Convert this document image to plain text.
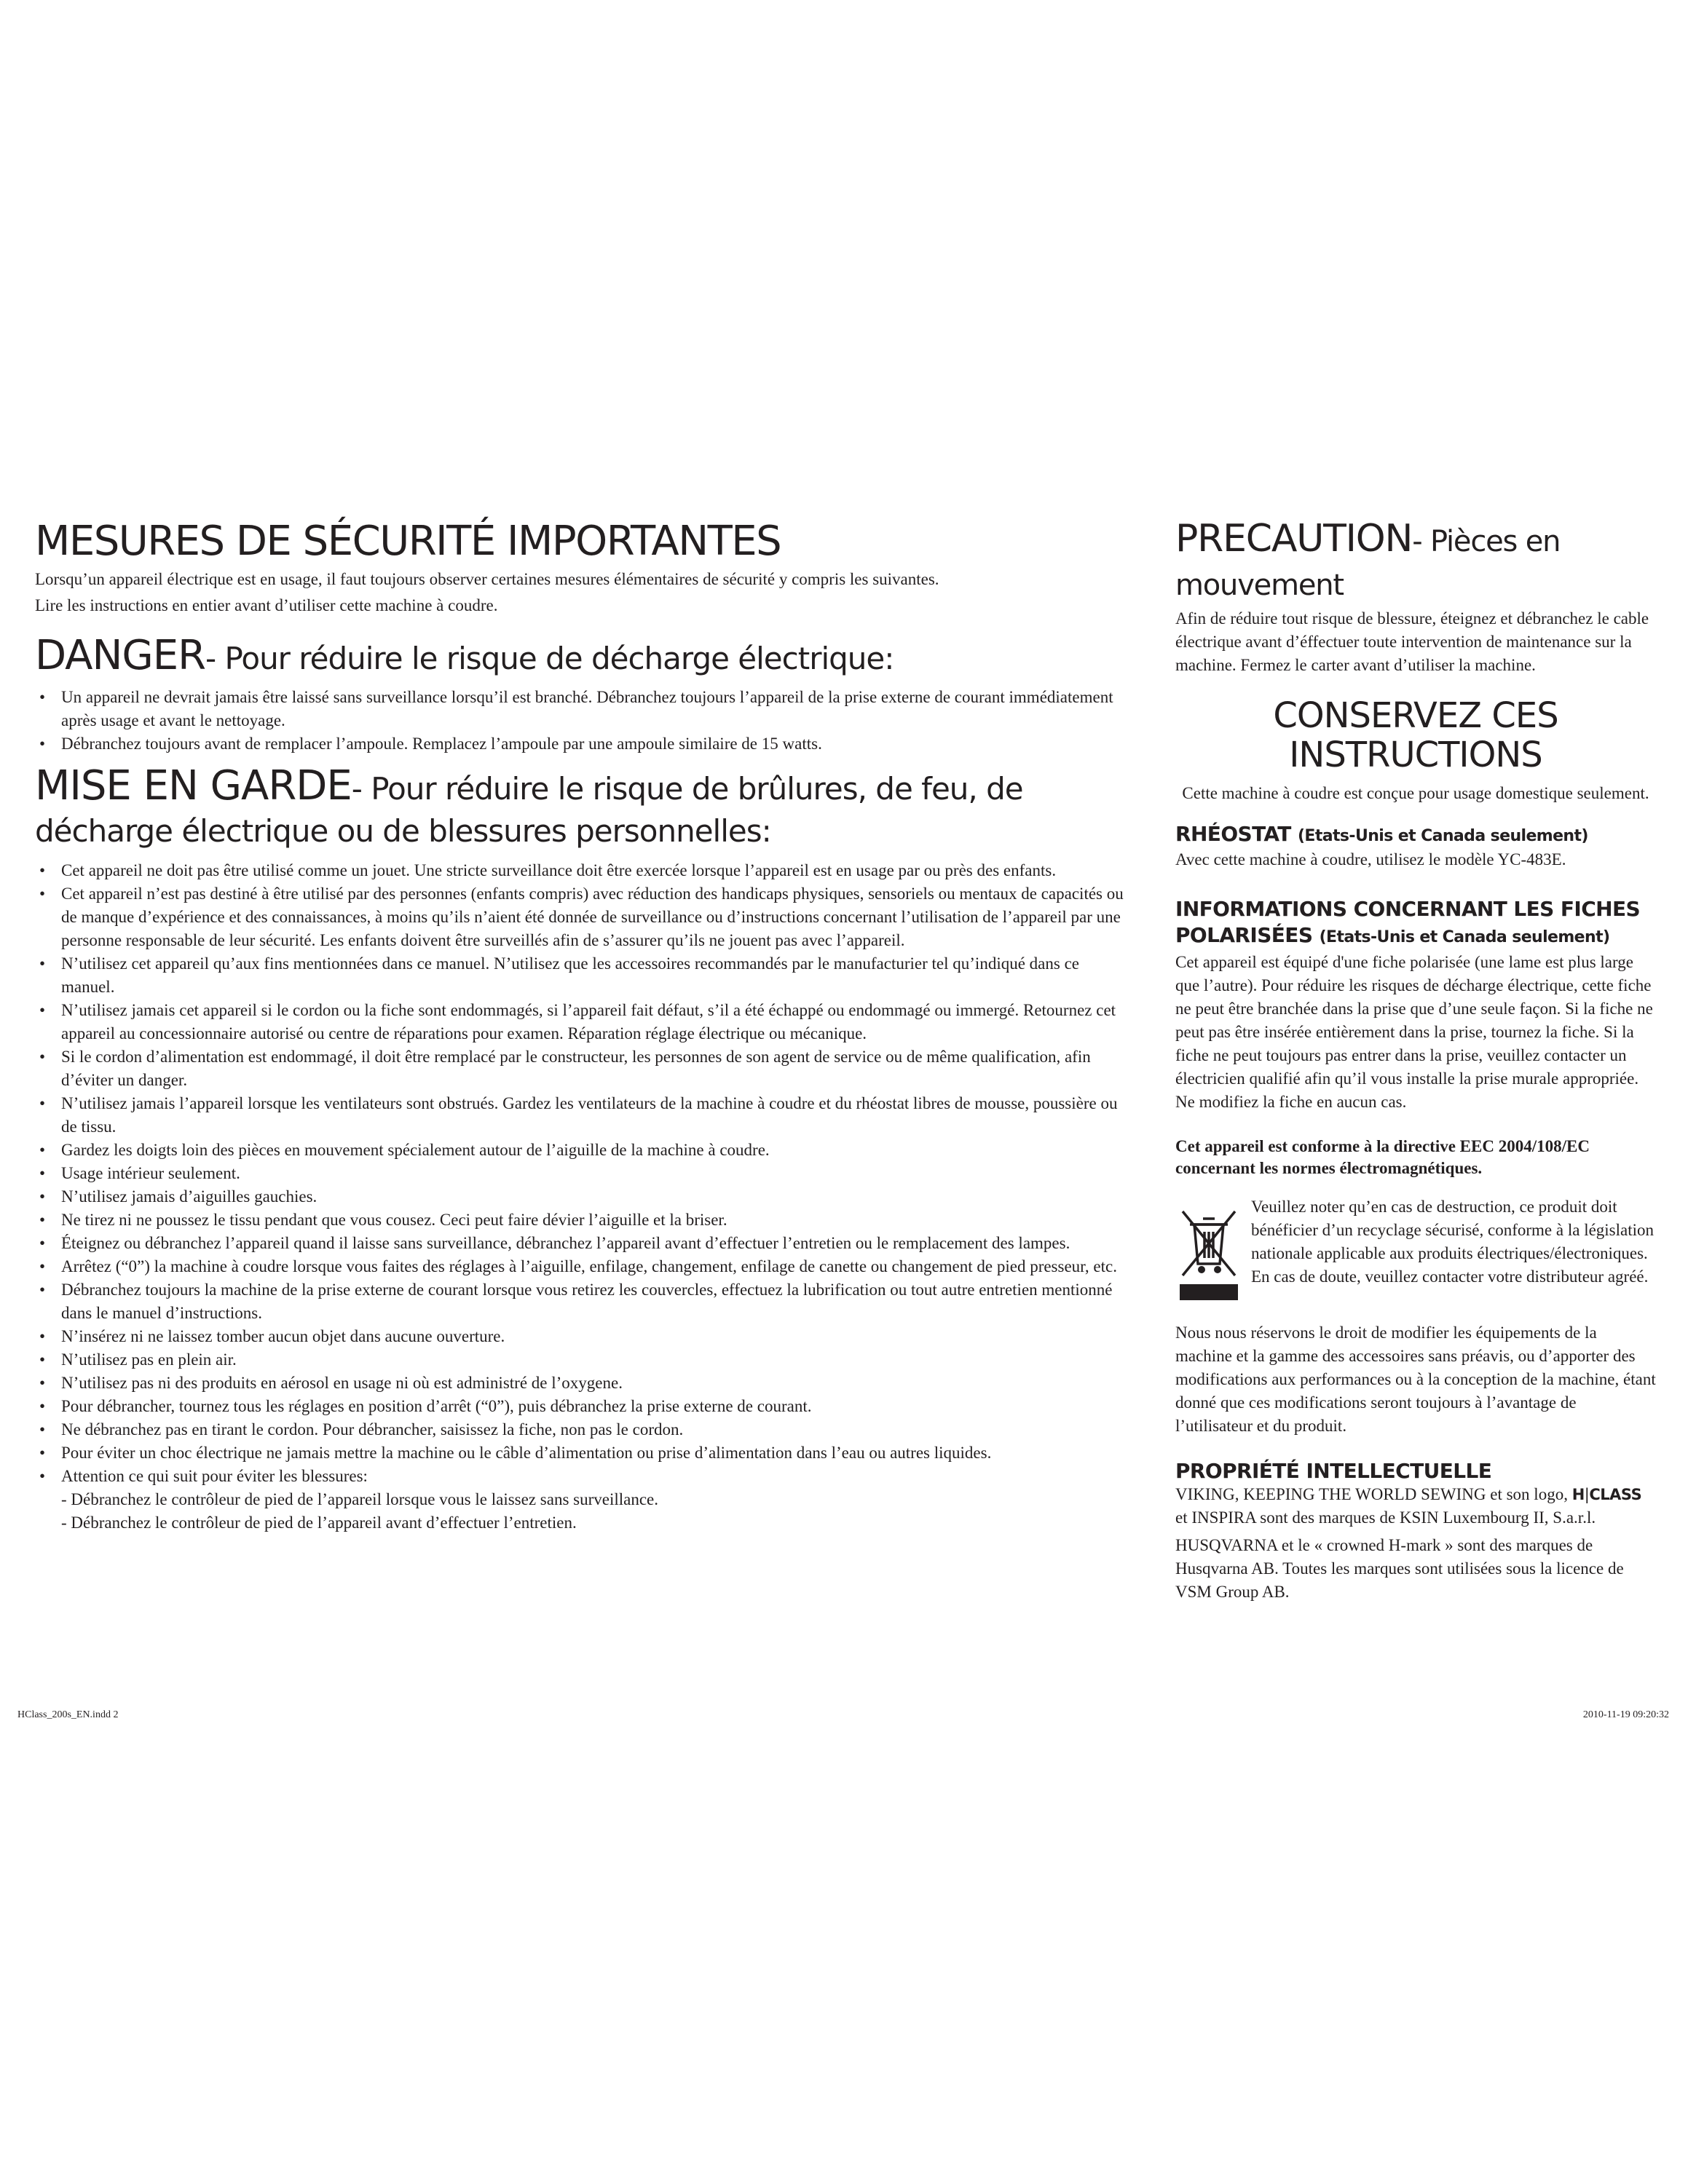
MESURES DE SÉCURITÉ IMPORTANTES

Lorsqu’un appareil électrique est en usage, il faut toujours observer certaines mesures élémentaires de sécurité y compris les suivantes.

Lire les instructions en entier avant d’utiliser cette machine à coudre.

DANGER- Pour réduire le risque de décharge électrique:
• Un appareil ne devrait jamais être laissé sans surveillance lorsqu’il est branché. Débranchez toujours l’appareil de la prise externe de courant immédiatement après usage et avant le nettoyage.
• Débranchez toujours avant de remplacer l’ampoule. Remplacez l’ampoule par une ampoule similaire de 15 watts.
MISE EN GARDE- Pour réduire le risque de brûlures, de feu, de décharge électrique ou de blessures personnelles:
• Cet appareil ne doit pas être utilisé comme un jouet. Une stricte surveillance doit être exercée lorsque l’appareil est en usage par ou près des enfants.
• Cet appareil n’est pas destiné à être utilisé par des personnes (enfants compris) avec réduction des handicaps physiques, sensoriels ou mentaux de capacités ou de manque d’expérience et des connaissances, à moins qu’ils n’aient été donnée de surveillance ou d’instructions concernant l’utilisation de l’appareil par une personne responsable de leur sécurité. Les enfants doivent être surveillés afin de s’assurer qu’ils ne jouent pas avec l’appareil.
• N’utilisez cet appareil qu’aux fins mentionnées dans ce manuel. N’utilisez que les accessoires recommandés par le manufacturier tel qu’indiqué dans ce manuel.
• N’utilisez jamais cet appareil si le cordon ou la fiche sont endommagés, si l’appareil fait défaut, s’il a été échappé ou endommagé ou immergé. Retournez cet appareil au concessionnaire autorisé ou centre de réparations pour examen. Réparation réglage électrique ou mécanique.
• Si le cordon d’alimentation est endommagé, il doit être remplacé par le constructeur, les personnes de son agent de service ou de même qualification, afin d’éviter un danger.
• N’utilisez jamais l’appareil lorsque les ventilateurs sont obstrués. Gardez les ventilateurs de la machine à coudre et du rhéostat libres de mousse, poussière ou de tissu.
• Gardez les doigts loin des pièces en mouvement spécialement autour de l’aiguille de la machine à coudre.
• Usage intérieur seulement.
• N’utilisez jamais d’aiguilles gauchies.
• Ne tirez ni ne poussez le tissu pendant que vous cousez. Ceci peut faire dévier l’aiguille et la briser.
• Éteignez ou débranchez l’appareil quand il laisse sans surveillance, débranchez l’appareil avant d’effectuer l’entretien ou le remplacement des lampes.
• Arrêtez (“0”) la machine à coudre lorsque vous faites des réglages à l’aiguille, enfilage, changement, enfilage de canette ou changement de pied presseur, etc.
• Débranchez toujours la machine de la prise externe de courant lorsque vous retirez les couvercles, effectuez la lubrification ou tout autre entretien mentionné dans le manuel d’instructions.
• N’insérez ni ne laissez tomber aucun objet dans aucune ouverture.
• N’utilisez pas en plein air.
• N’utilisez pas ni des produits en aérosol en usage ni où est administré de l’oxygene.
• Pour débrancher, tournez tous les réglages en position d’arrêt (“0”), puis débranchez la prise externe de courant.
• Ne débranchez pas en tirant le cordon. Pour débrancher, saisissez la fiche, non pas le cordon.
• Pour éviter un choc électrique ne jamais mettre la machine ou le câble d’alimentation ou prise d’alimentation dans l’eau ou autres liquides.
• Attention ce qui suit pour éviter les blessures:
- Débranchez le contrôleur de pied de l’appareil lorsque vous le laissez sans surveillance.
- Débranchez le contrôleur de pied de l’appareil avant d’effectuer l’entretien.
PRECAUTION- Pièces en mouvement

Afin de réduire tout risque de blessure, éteignez et débranchez le cable électrique avant d’éffectuer toute intervention de maintenance sur la machine. Fermez le carter avant d’utiliser la machine.

CONSERVEZ CES INSTRUCTIONS

Cette machine à coudre est conçue pour usage domestique seulement.

RHÉOSTAT (Etats-Unis et Canada seulement)

Avec cette machine à coudre, utilisez le modèle YC-483E.

INFORMATIONS CONCERNANT LES FICHES POLARISÉES (Etats-Unis et Canada seulement)

Cet appareil est équipé d'une fiche polarisée (une lame est plus large que l’autre). Pour réduire les risques de décharge électrique, cette fiche ne peut être branchée dans la prise que d’une seule façon. Si la fiche ne peut pas être insérée entièrement dans la prise, tournez la fiche. Si la fiche ne peut toujours pas entrer dans la prise, veuillez contacter un électricien qualifié afin qu’il vous installe la prise murale appropriée. Ne modifiez la fiche en aucun cas.

Cet appareil est conforme à la directive EEC 2004/108/EC concernant les normes électromagnétiques.

Veuillez noter qu’en cas de destruction, ce produit doit bénéficier d’un recyclage sécurisé, conforme à la législation nationale applicable aux produits électriques/électroniques. En cas de doute, veuillez contacter votre distributeur agréé.

Nous nous réservons le droit de modifier les équipements de la machine et la gamme des accessoires sans préavis, ou d’apporter des modifications aux performances ou à la conception de la machine, étant donné que ces modifications seront toujours à l’avantage de l’utilisateur et du produit.

PROPRIÉTÉ INTELLECTUELLE

VIKING, KEEPING THE WORLD SEWING et son logo, H|CLASS et INSPIRA sont des marques de KSIN Luxembourg II, S.a.r.l.

HUSQVARNA et le « crowned H-mark » sont des marques de Husqvarna AB. Toutes les marques sont utilisées sous la licence de VSM Group AB.

HClass_200s_EN.indd 2	2010-11-19 09:20:32
